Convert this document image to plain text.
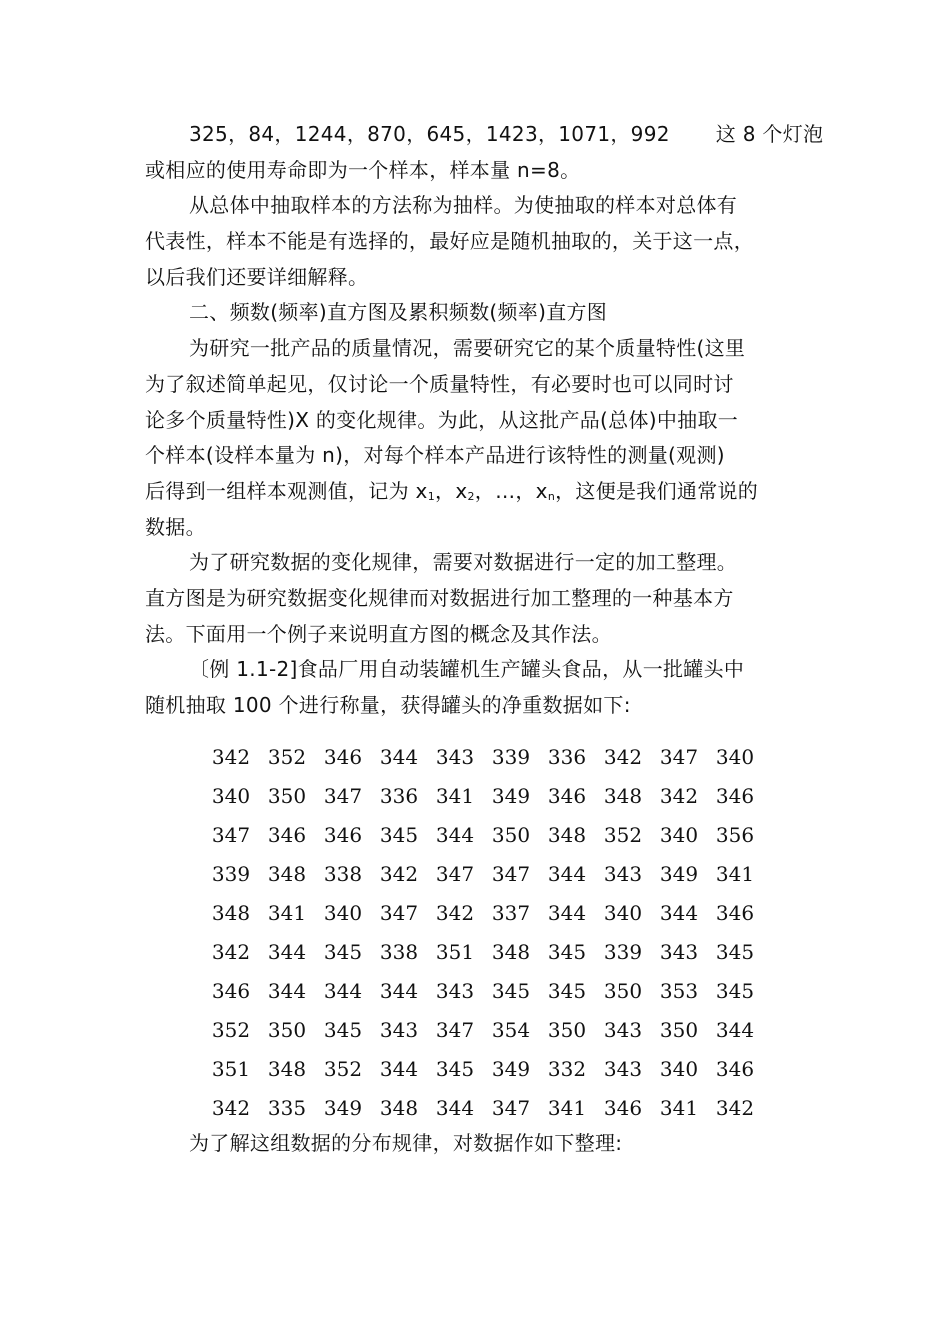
325，84，1244，870，645，1423，1071，992 这 8 个灯泡
或相应的使用寿命即为一个样本，样本量 n=8。
从总体中抽取样本的方法称为抽样。为使抽取的样本对总体有
代表性，样本不能是有选择的，最好应是随机抽取的，关于这一点，
以后我们还要详细解释。
二、频数(频率)直方图及累积频数(频率)直方图
为研究一批产品的质量情况，需要研究它的某个质量特性(这里
为了叙述简单起见，仅讨论一个质量特性，有必要时也可以同时讨
论多个质量特性)X 的变化规律。为此，从这批产品(总体)中抽取一
个样本(设样本量为 n)，对每个样本产品进行该特性的测量(观测)
后得到一组样本观测值，记为 x1，x2，…，xn，这便是我们通常说的
数据。
为了研究数据的变化规律，需要对数据进行一定的加工整理。
直方图是为研究数据变化规律而对数据进行加工整理的一种基本方
法。下面用一个例子来说明直方图的概念及其作法。
〔例 1.1-2]食品厂用自动装罐机生产罐头食品，从一批罐头中
随机抽取 100 个进行称量，获得罐头的净重数据如下:
342	352	346	344	343	339	336	342	347	340
340	350	347	336	341	349	346	348	342	346
347	346	346	345	344	350	348	352	340	356
339	348	338	342	347	347	344	343	349	341
348	341	340	347	342	337	344	340	344	346
342	344	345	338	351	348	345	339	343	345
346	344	344	344	343	345	345	350	353	345
352	350	345	343	347	354	350	343	350	344
351	348	352	344	345	349	332	343	340	346
342	335	349	348	344	347	341	346	341	342
为了解这组数据的分布规律，对数据作如下整理:
